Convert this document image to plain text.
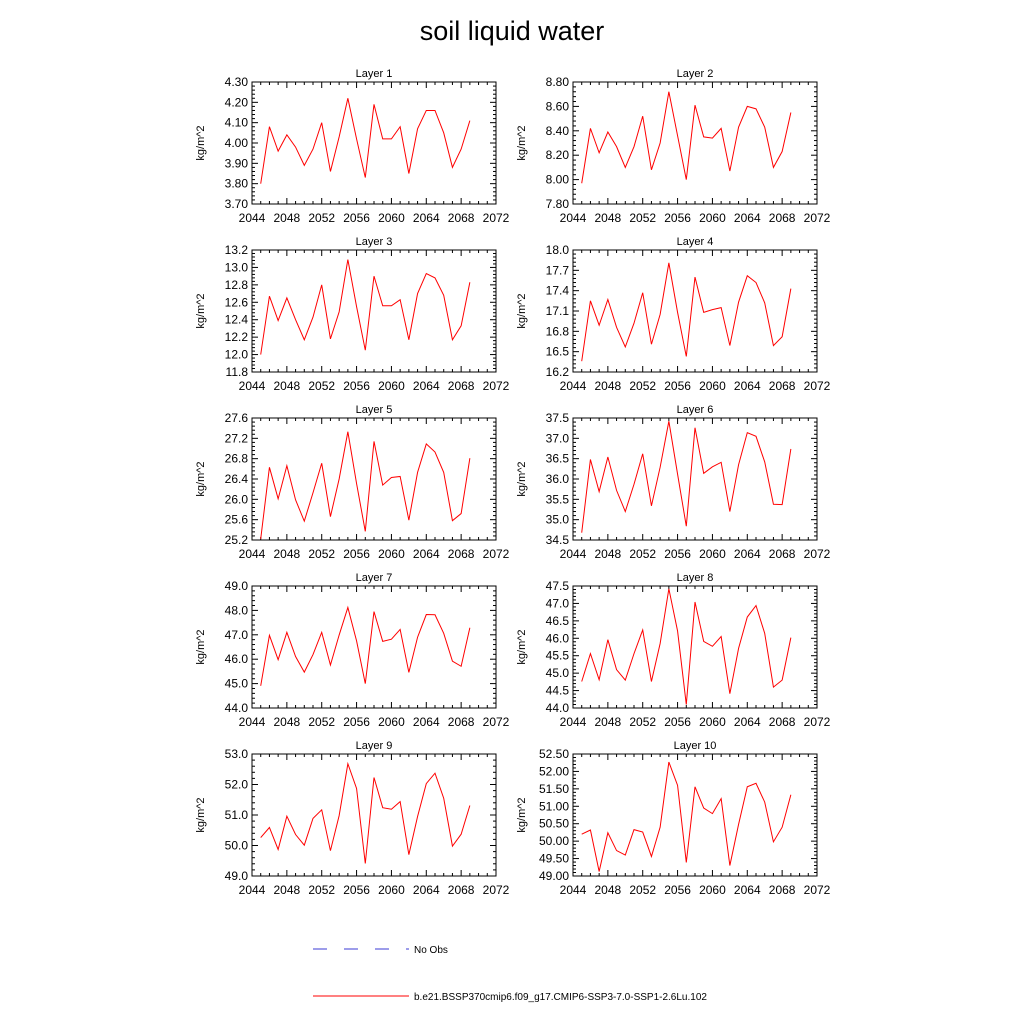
soil liquid water
Layer 1
kg/m^2
3.70
3.80
3.90
4.00
4.10
4.20
4.30
2044 2048 2052 2056 2060 2064 2068 2072
Layer 2
kg/m^2
7.80
8.00
8.20
8.40
8.60
8.80
2044 2048 2052 2056 2060 2064 2068 2072
Layer 3
kg/m^2
11.8
12.0
12.2
12.4
12.6
12.8
13.0
13.2
2044 2048 2052 2056 2060 2064 2068 2072
Layer 4
kg/m^2
16.2
16.5
16.8
17.1
17.4
17.7
18.0
2044 2048 2052 2056 2060 2064 2068 2072
Layer 5
kg/m^2
25.2
25.6
26.0
26.4
26.8
27.2
27.6
2044 2048 2052 2056 2060 2064 2068 2072
Layer 6
kg/m^2
34.5
35.0
35.5
36.0
36.5
37.0
37.5
2044 2048 2052 2056 2060 2064 2068 2072
Layer 7
kg/m^2
44.0
45.0
46.0
47.0
48.0
49.0
2044 2048 2052 2056 2060 2064 2068 2072
Layer 8
kg/m^2
44.0
44.5
45.0
45.5
46.0
46.5
47.0
47.5
2044 2048 2052 2056 2060 2064 2068 2072
Layer 9
kg/m^2
49.0
50.0
51.0
52.0
53.0
2044 2048 2052 2056 2060 2064 2068 2072
Layer 10
kg/m^2
49.00
49.50
50.00
50.50
51.00
51.50
52.00
52.50
2044 2048 2052 2056 2060 2064 2068 2072
No Obs
b.e21.BSSP370cmip6.f09_g17.CMIP6-SSP3-7.0-SSP1-2.6Lu.102
